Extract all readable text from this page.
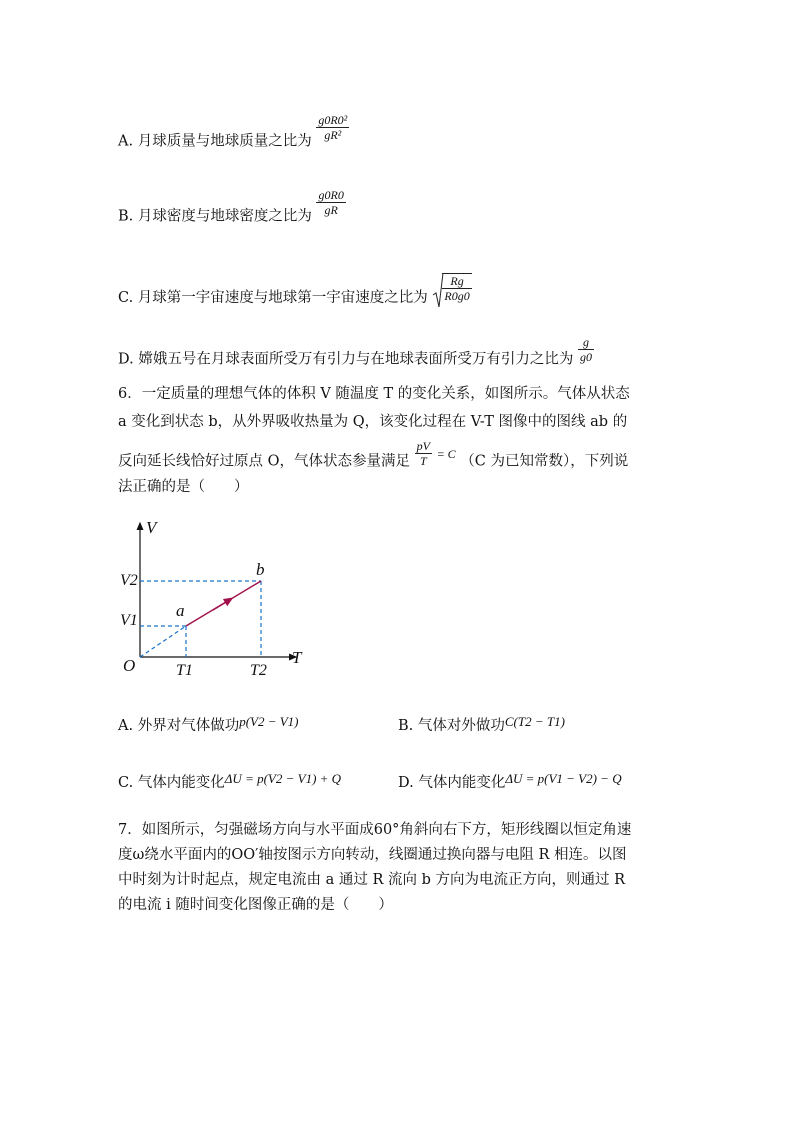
A. 月球质量与地球质量之比为 $\frac{\text{g0R0²}}{\text{gR²}}$
B. 月球密度与地球密度之比为 $\frac{g0R0}{gR}$
C. 月球第一宇宙速度与地球第一宇宙速度之比为 $\frac{Rg}{R0g0}$
D. 嫦娥五号在月球表面所受万有引力与在地球表面所受万有引力之比为 $\frac{g}{g0}$
6．一定质量的理想气体的体积 V 随温度 T 的变化关系，如图所示。气体从状态
a 变化到状态 b，从外界吸收热量为 Q，该变化过程在 V-T 图像中的图线 ab 的
反向延长线恰好过原点 O，气体状态参量满足 $\frac{pV}{T} ^{= C}$ （C 为已知常数），下列说
法正确的是（　　）
V
T
O
V2
V1
T1	T2
a
b
A. 外界对气体做功p(V2 − V1)	B. 气体对外做功C(T2 − T1)
C. 气体内能变化ΔU = p(V2 − V1) + Q	D. 气体内能变化ΔU = p(V1 − V2) − Q
7．如图所示，匀强磁场方向与水平面成60°角斜向右下方，矩形线圈以恒定角速
度ω绕水平面内的OO′轴按图示方向转动，线圈通过换向器与电阻 R 相连。以图
中时刻为计时起点，规定电流由 a 通过 R 流向 b 方向为电流正方向，则通过 R
的电流 i 随时间变化图像正确的是（　　）
